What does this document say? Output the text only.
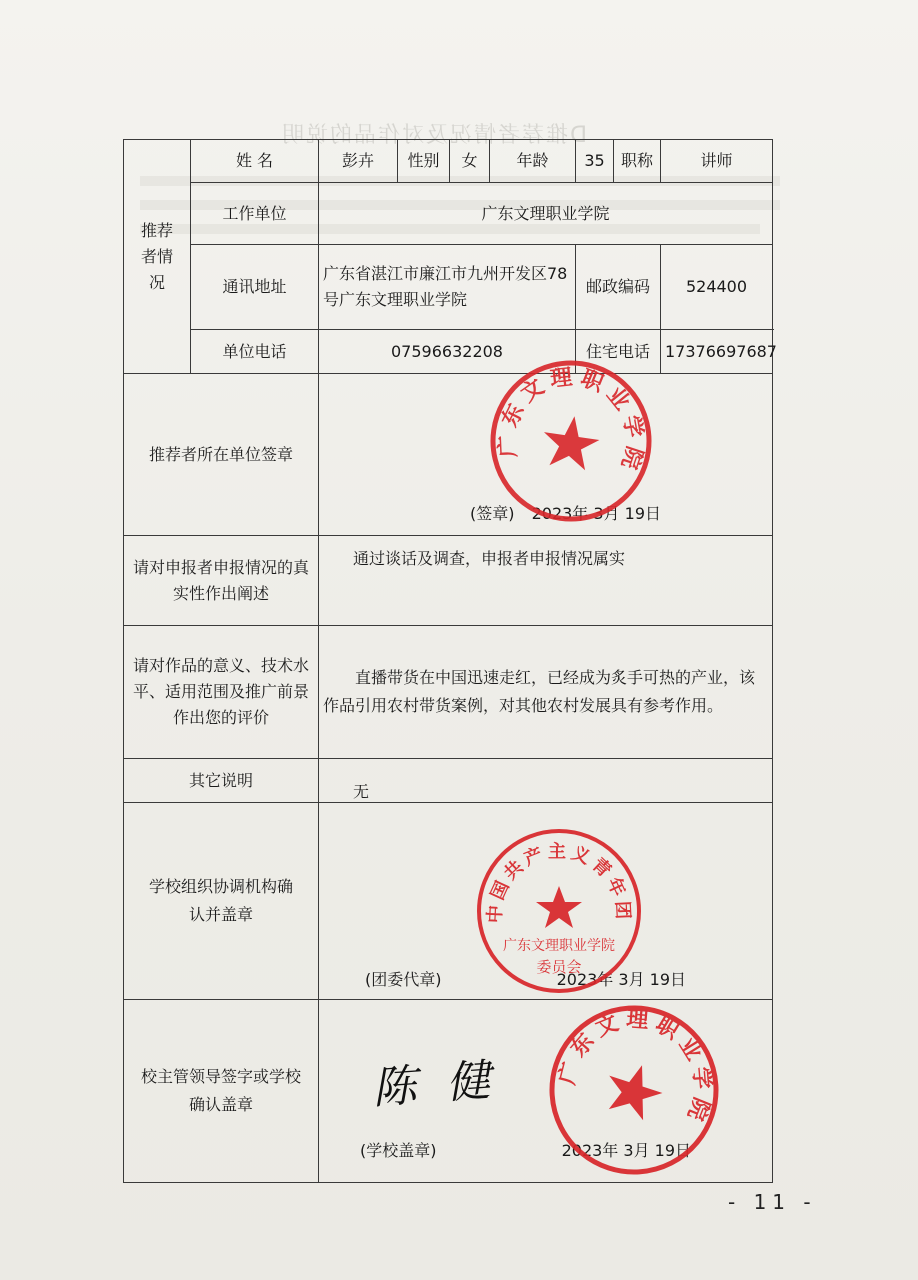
D推荐者情况及对作品的说明
推荐者情况	姓 名	彭卉	性别	女	年龄	35	职称	讲师
	工作单位	广东文理职业学院						
	通讯地址	广东省湛江市廉江市九州开发区78号广东文理职业学院				邮政编码		524400
	单位电话	07596632208				住宅电话		17376697687
推荐者所在单位签章		(签章) 2023年 3月 19日						
请对申报者申报情况的真实性作出阐述		通过谈话及调查，申报者申报情况属实						
请对作品的意义、技术水平、适用范围及推广前景作出您的评价		直播带货在中国迅速走红，已经成为炙手可热的产业，该作品引用农村带货案例，对其他农村发展具有参考作用。						
其它说明		无						
学校组织协调机构确认并盖章		(团委代章) 2023年 3月 19日						
校主管领导签字或学校确认盖章		(学校盖章) 2023年 3月 19日						
广东文理职业学院
中国共产主义青年团
广东文理职业学院
委员会
广东文理职业学院
陈 健
- 11 -
